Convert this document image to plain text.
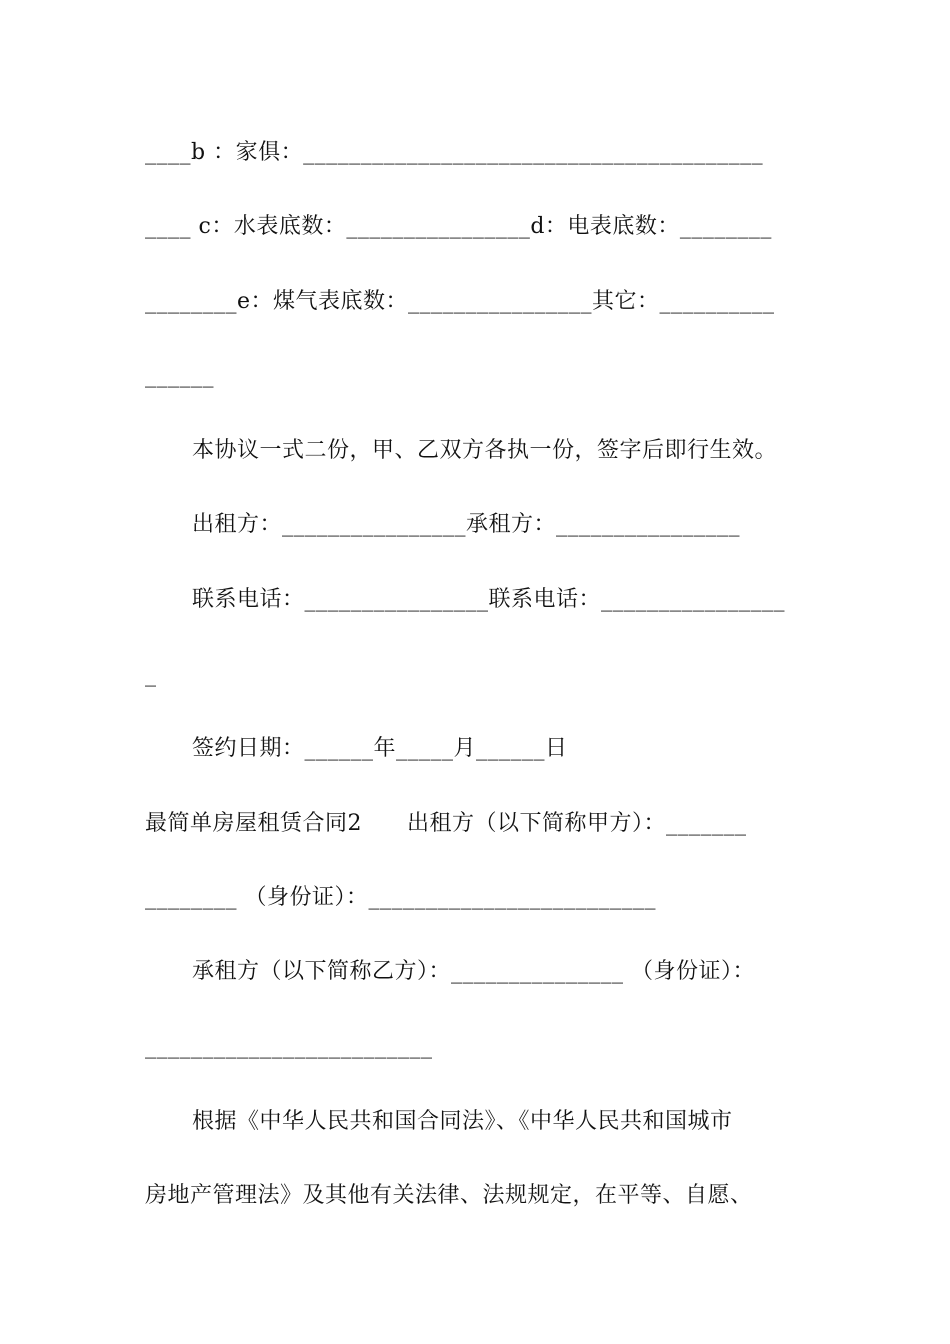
____b ：家俱：________________________________________
____ c：水表底数：________________d：电表底数：________
________e：煤气表底数：________________其它：__________
______
本协议一式二份，甲、乙双方各执一份，签字后即行生效。
出租方：________________承租方：________________
联系电话：________________联系电话：________________
_
签约日期：______年_____月______日
最简单房屋租赁合同2　　出租方（以下简称甲方）：_______
________ （身份证）：_________________________
承租方（以下简称乙方）：_______________ （身份证）：
_________________________
根据《中华人民共和国合同法》、《中华人民共和国城市
房地产管理法》及其他有关法律、法规规定，在平等、自愿、
